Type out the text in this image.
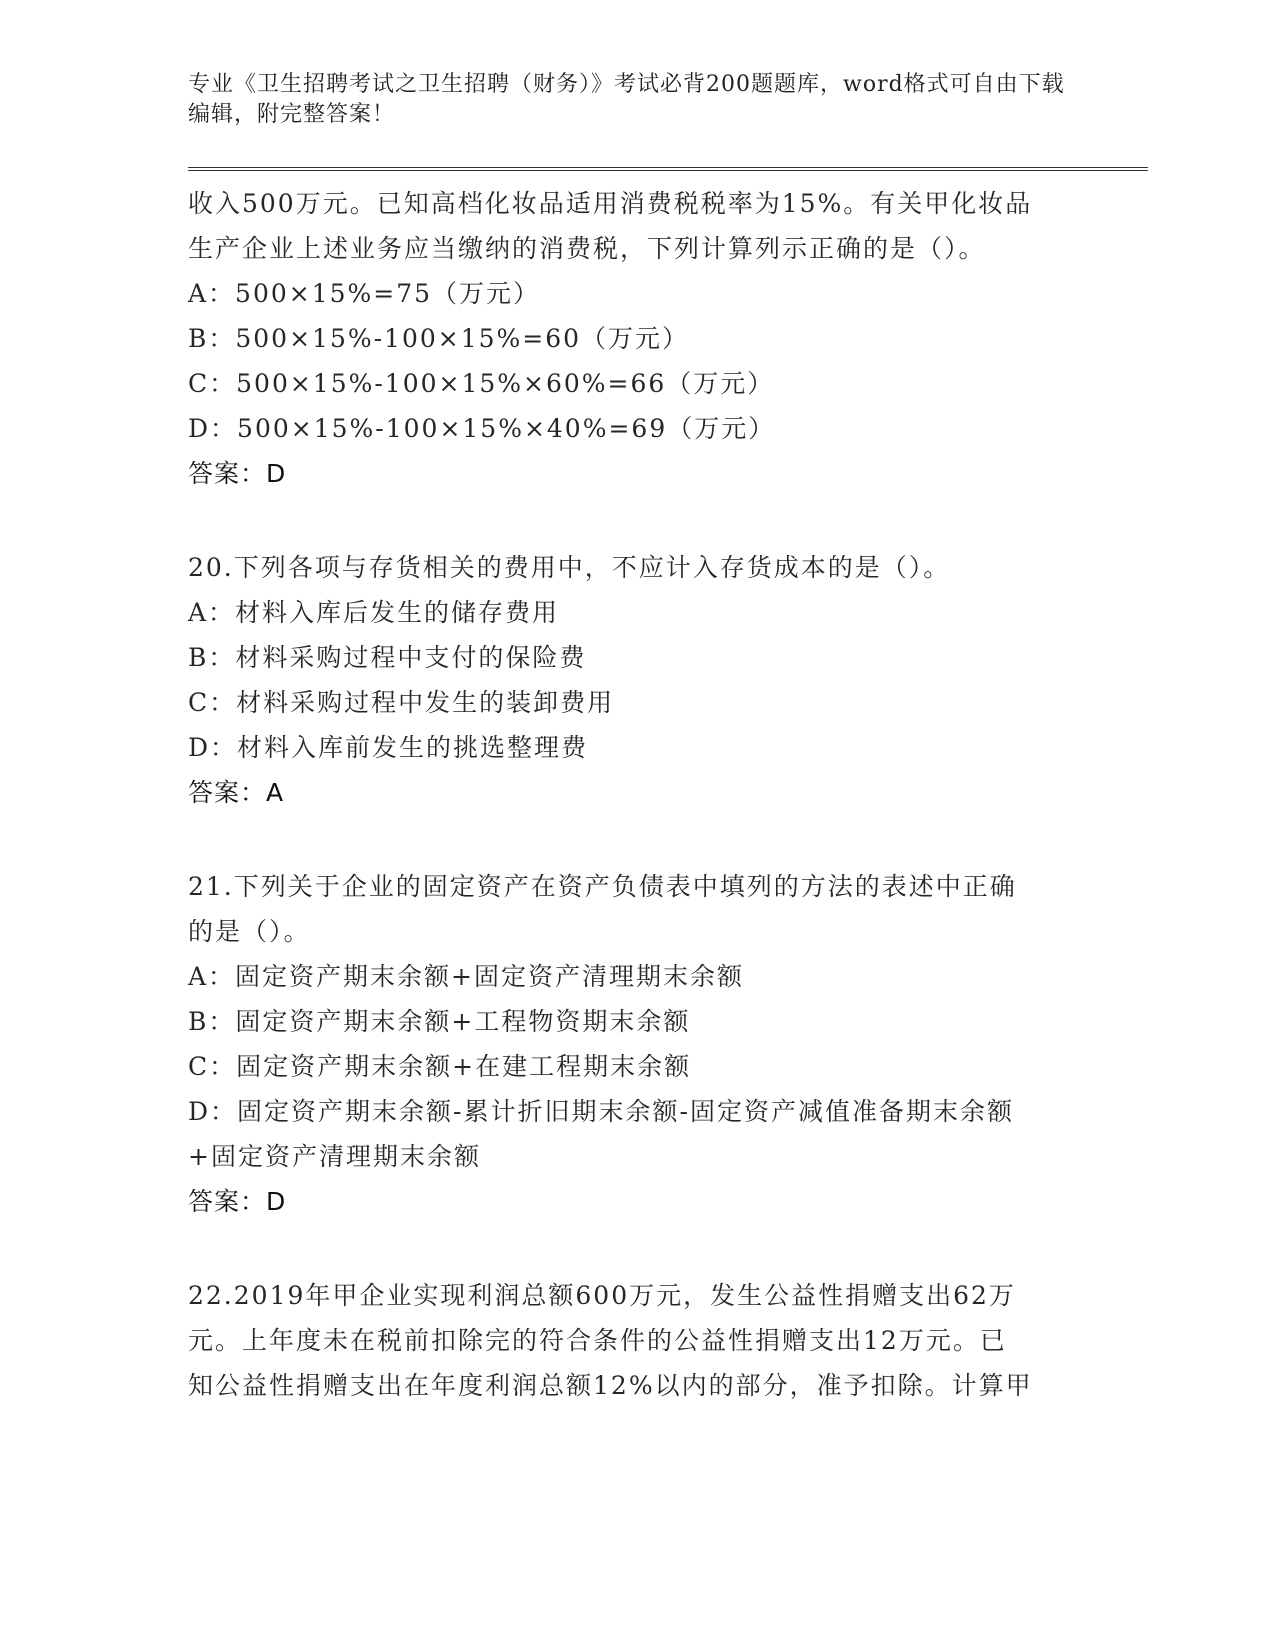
专业《卫生招聘考试之卫生招聘（财务）》考试必背200题题库，word格式可自由下载编辑，附完整答案！
收入500万元。已知高档化妆品适用消费税税率为15%。有关甲化妆品
生产企业上述业务应当缴纳的消费税，下列计算列示正确的是（）。
A：500×15%=75（万元）
B：500×15%-100×15%=60（万元）
C：500×15%-100×15%×60%=66（万元）
D：500×15%-100×15%×40%=69（万元）
答案：D
20.下列各项与存货相关的费用中，不应计入存货成本的是（）。
A：材料入库后发生的储存费用
B：材料采购过程中支付的保险费
C：材料采购过程中发生的装卸费用
D：材料入库前发生的挑选整理费
答案：A
21.下列关于企业的固定资产在资产负债表中填列的方法的表述中正确
的是（）。
A：固定资产期末余额+固定资产清理期末余额
B：固定资产期末余额+工程物资期末余额
C：固定资产期末余额+在建工程期末余额
D：固定资产期末余额-累计折旧期末余额-固定资产减值准备期末余额
+固定资产清理期末余额
答案：D
22.2019年甲企业实现利润总额600万元，发生公益性捐赠支出62万
元。上年度未在税前扣除完的符合条件的公益性捐赠支出12万元。已
知公益性捐赠支出在年度利润总额12%以内的部分，准予扣除。计算甲
